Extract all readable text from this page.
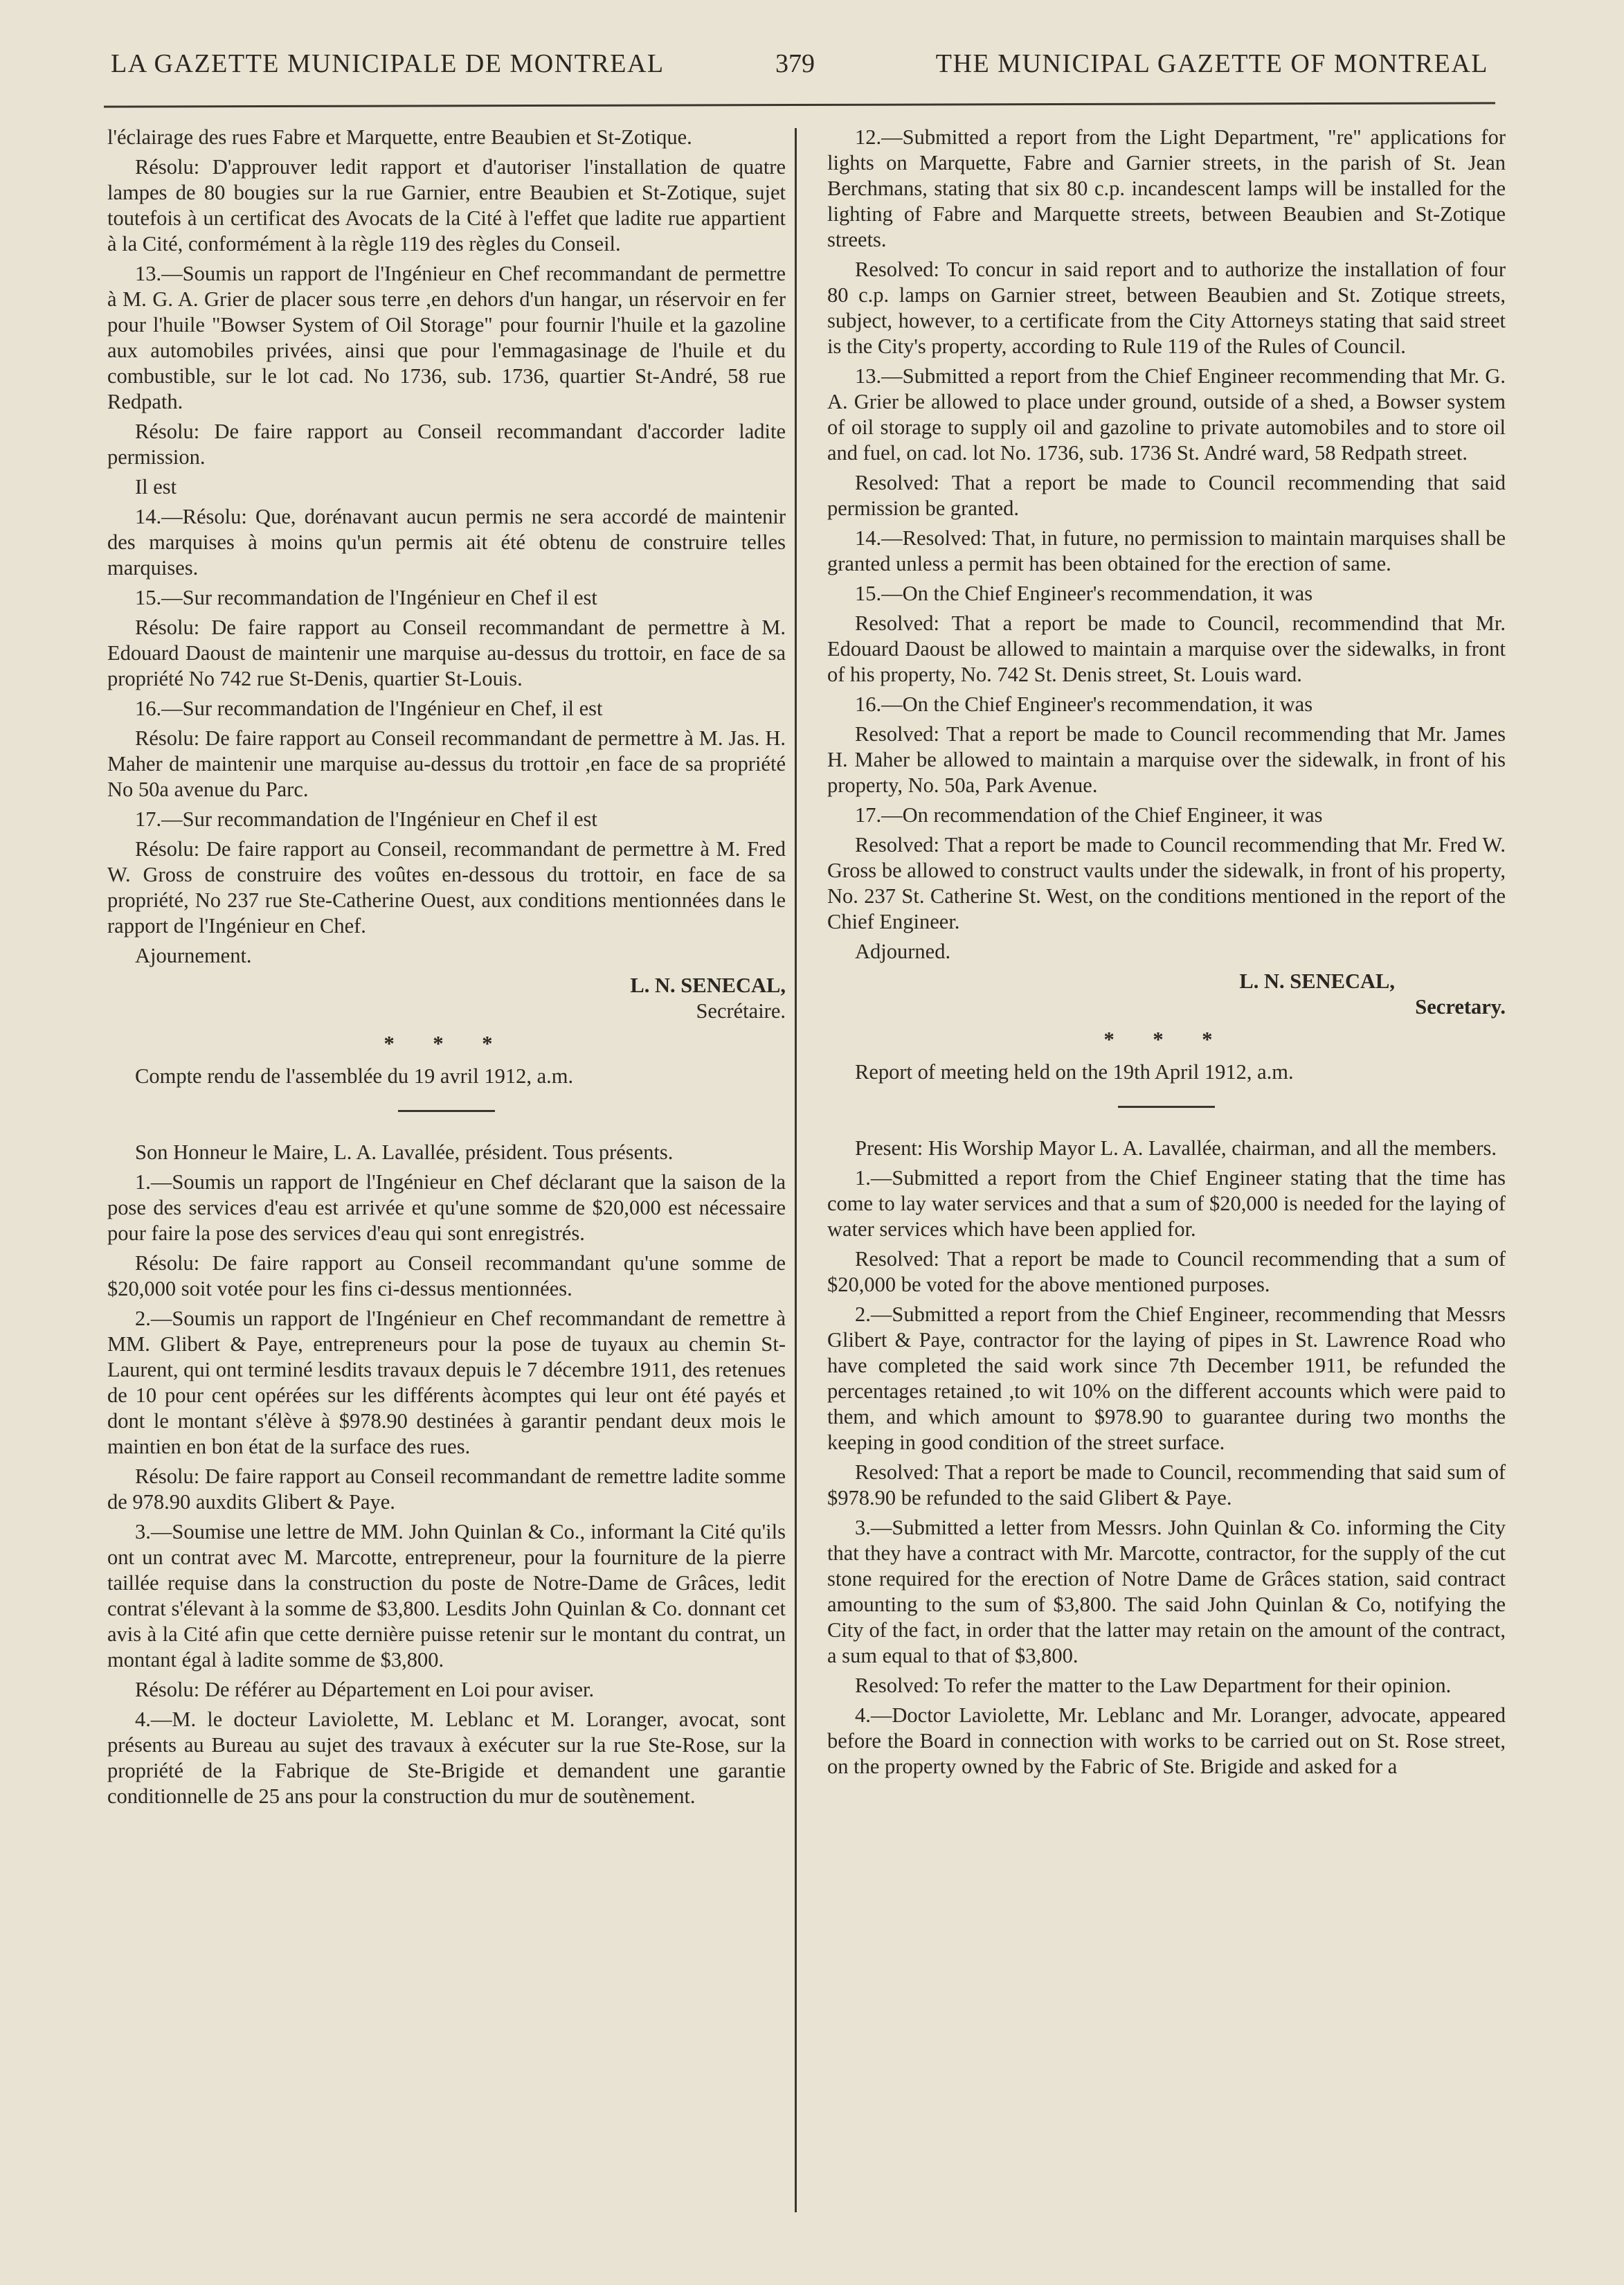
LA GAZETTE MUNICIPALE DE MONTREAL	379	THE MUNICIPAL GAZETTE OF MONTREAL

l'éclairage des rues Fabre et Marquette, entre Beaubien et St-Zotique.

Résolu: D'approuver ledit rapport et d'autoriser l'installation de quatre lampes de 80 bougies sur la rue Garnier, entre Beaubien et St-Zotique, sujet toutefois à un certificat des Avocats de la Cité à l'effet que ladite rue appartient à la Cité, conformément à la règle 119 des règles du Conseil.

13.—Soumis un rapport de l'Ingénieur en Chef recommandant de permettre à M. G. A. Grier de placer sous terre ,en dehors d'un hangar, un réservoir en fer pour l'huile "Bowser System of Oil Storage" pour fournir l'huile et la gazoline aux automobiles privées, ainsi que pour l'emmagasinage de l'huile et du combustible, sur le lot cad. No 1736, sub. 1736, quartier St-André, 58 rue Redpath.

Résolu: De faire rapport au Conseil recommandant d'accorder ladite permission.

Il est

14.—Résolu: Que, dorénavant aucun permis ne sera accordé de maintenir des marquises à moins qu'un permis ait été obtenu de construire telles marquises.

15.—Sur recommandation de l'Ingénieur en Chef il est

Résolu: De faire rapport au Conseil recommandant de permettre à M. Edouard Daoust de maintenir une marquise au-dessus du trottoir, en face de sa propriété No 742 rue St-Denis, quartier St-Louis.

16.—Sur recommandation de l'Ingénieur en Chef, il est

Résolu: De faire rapport au Conseil recommandant de permettre à M. Jas. H. Maher de maintenir une marquise au-dessus du trottoir ,en face de sa propriété No 50a avenue du Parc.

17.—Sur recommandation de l'Ingénieur en Chef il est

Résolu: De faire rapport au Conseil, recommandant de permettre à M. Fred W. Gross de construire des voûtes en-dessous du trottoir, en face de sa propriété, No 237 rue Ste-Catherine Ouest, aux conditions mentionnées dans le rapport de l'Ingénieur en Chef.

Ajournement.

L. N. SENECAL,
Secrétaire.
* * *

Compte rendu de l'assemblée du 19 avril 1912, a.m.

Son Honneur le Maire, L. A. Lavallée, président. Tous présents.

1.—Soumis un rapport de l'Ingénieur en Chef déclarant que la saison de la pose des services d'eau est arrivée et qu'une somme de $20,000 est nécessaire pour faire la pose des services d'eau qui sont enregistrés.

Résolu: De faire rapport au Conseil recommandant qu'une somme de $20,000 soit votée pour les fins ci-dessus mentionnées.

2.—Soumis un rapport de l'Ingénieur en Chef recommandant de remettre à MM. Glibert & Paye, entrepreneurs pour la pose de tuyaux au chemin St-Laurent, qui ont terminé lesdits travaux depuis le 7 décembre 1911, des retenues de 10 pour cent opérées sur les différents àcomptes qui leur ont été payés et dont le montant s'élève à $978.90 destinées à garantir pendant deux mois le maintien en bon état de la surface des rues.

Résolu: De faire rapport au Conseil recommandant de remettre ladite somme de 978.90 auxdits Glibert & Paye.

3.—Soumise une lettre de MM. John Quinlan & Co., informant la Cité qu'ils ont un contrat avec M. Marcotte, entrepreneur, pour la fourniture de la pierre taillée requise dans la construction du poste de Notre-Dame de Grâces, ledit contrat s'élevant à la somme de $3,800. Lesdits John Quinlan & Co. donnant cet avis à la Cité afin que cette dernière puisse retenir sur le montant du contrat, un montant égal à ladite somme de $3,800.

Résolu: De référer au Département en Loi pour aviser.

4.—M. le docteur Laviolette, M. Leblanc et M. Loranger, avocat, sont présents au Bureau au sujet des travaux à exécuter sur la rue Ste-Rose, sur la propriété de la Fabrique de Ste-Brigide et demandent une garantie conditionnelle de 25 ans pour la construction du mur de soutènement.

12.—Submitted a report from the Light Department, "re" applications for lights on Marquette, Fabre and Garnier streets, in the parish of St. Jean Berchmans, stating that six 80 c.p. incandescent lamps will be installed for the lighting of Fabre and Marquette streets, between Beaubien and St-Zotique streets.

Resolved: To concur in said report and to authorize the installation of four 80 c.p. lamps on Garnier street, between Beaubien and St. Zotique streets, subject, however, to a certificate from the City Attorneys stating that said street is the City's property, according to Rule 119 of the Rules of Council.

13.—Submitted a report from the Chief Engineer recommending that Mr. G. A. Grier be allowed to place under ground, outside of a shed, a Bowser system of oil storage to supply oil and gazoline to private automobiles and to store oil and fuel, on cad. lot No. 1736, sub. 1736 St. André ward, 58 Redpath street.

Resolved: That a report be made to Council recommending that said permission be granted.

14.—Resolved: That, in future, no permission to maintain marquises shall be granted unless a permit has been obtained for the erection of same.

15.—On the Chief Engineer's recommendation, it was

Resolved: That a report be made to Council, recommendind that Mr. Edouard Daoust be allowed to maintain a marquise over the sidewalks, in front of his property, No. 742 St. Denis street, St. Louis ward.

16.—On the Chief Engineer's recommendation, it was

Resolved: That a report be made to Council recommending that Mr. James H. Maher be allowed to maintain a marquise over the sidewalk, in front of his property, No. 50a, Park Avenue.

17.—On recommendation of the Chief Engineer, it was

Resolved: That a report be made to Council recommending that Mr. Fred W. Gross be allowed to construct vaults under the sidewalk, in front of his property, No. 237 St. Catherine St. West, on the conditions mentioned in the report of the Chief Engineer.

Adjourned.

L. N. SENECAL,
Secretary.
* * *

Report of meeting held on the 19th April 1912, a.m.

Present: His Worship Mayor L. A. Lavallée, chairman, and all the members.

1.—Submitted a report from the Chief Engineer stating that the time has come to lay water services and that a sum of $20,000 is needed for the laying of water services which have been applied for.

Resolved: That a report be made to Council recommending that a sum of $20,000 be voted for the above mentioned purposes.

2.—Submitted a report from the Chief Engineer, recommending that Messrs Glibert & Paye, contractor for the laying of pipes in St. Lawrence Road who have completed the said work since 7th December 1911, be refunded the percentages retained ,to wit 10% on the different accounts which were paid to them, and which amount to $978.90 to guarantee during two months the keeping in good condition of the street surface.

Resolved: That a report be made to Council, recommending that said sum of $978.90 be refunded to the said Glibert & Paye.

3.—Submitted a letter from Messrs. John Quinlan & Co. informing the City that they have a contract with Mr. Marcotte, contractor, for the supply of the cut stone required for the erection of Notre Dame de Grâces station, said contract amounting to the sum of $3,800. The said John Quinlan & Co, notifying the City of the fact, in order that the latter may retain on the amount of the contract, a sum equal to that of $3,800.

Resolved: To refer the matter to the Law Department for their opinion.

4.—Doctor Laviolette, Mr. Leblanc and Mr. Loranger, advocate, appeared before the Board in connection with works to be carried out on St. Rose street, on the property owned by the Fabric of Ste. Brigide and asked for a
